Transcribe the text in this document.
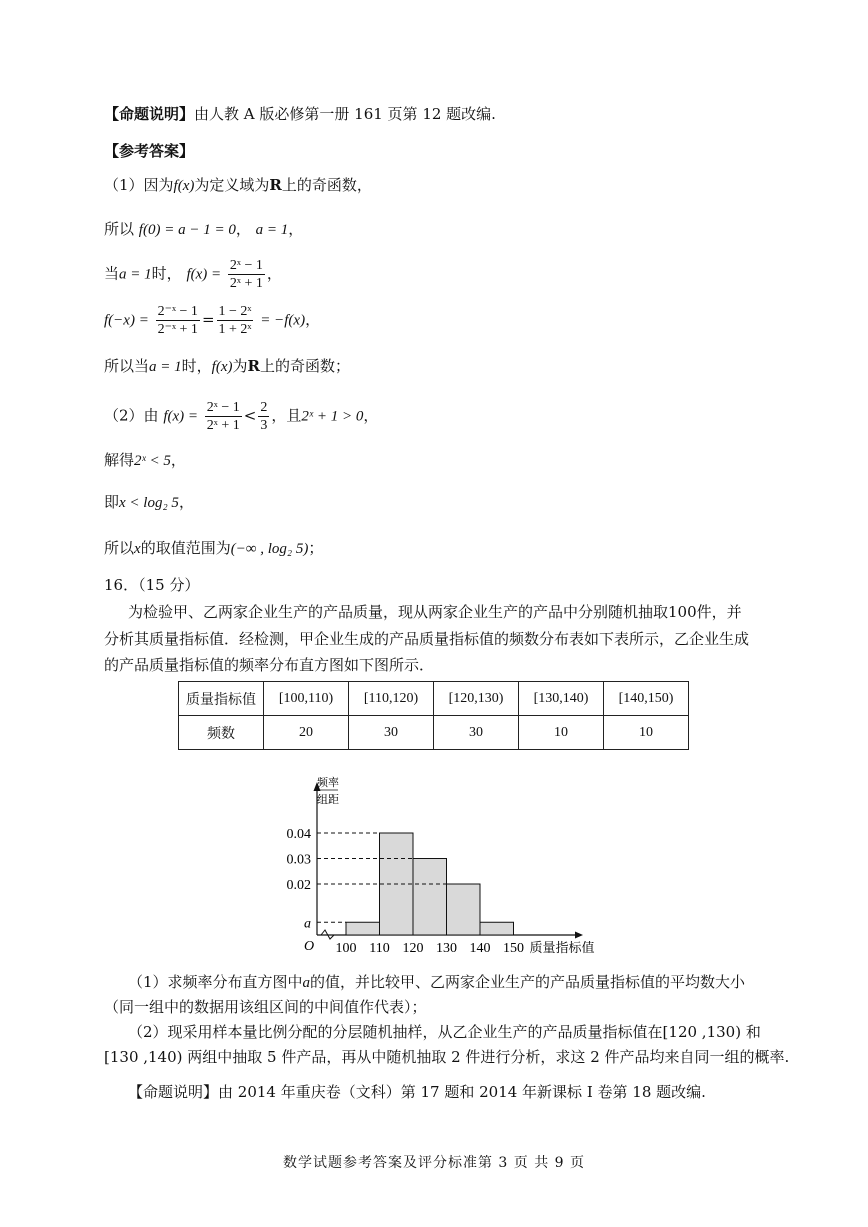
【命题说明】由人教 A 版必修第一册 161 页第 12 题改编.
【参考答案】
（1）因为f(x)为定义域为R上的奇函数，
所以 f(0) = a − 1 = 0， a = 1，
当a = 1时， $f(x) = \frac{\text{2ˣ − 1}}{\text{2ˣ + 1}}$ ，
$f(-x) = \frac{\text{2⁻ˣ − 1}}{\text{2⁻ˣ + 1}} = \frac{\text{1 − 2ˣ}}{\text{1 + 2ˣ}} = -f(x)$，
所以当a = 1时，f(x)为R上的奇函数；
（2）由 $f(x) = \frac{\text{2ˣ − 1}}{\text{2ˣ + 1}} < \frac{2}{3}$ ，且2ˣ + 1 > 0，
解得2ˣ < 5，
即x < log₂ 5，
所以x的取值范围为(−∞ , log₂ 5)；
16．（15 分）
为检验甲、乙两家企业生产的产品质量，现从两家企业生产的产品中分别随机抽取100件，并
分析其质量指标值．经检测，甲企业生成的产品质量指标值的频数分布表如下表所示，乙企业生成
的产品质量指标值的频率分布直方图如下图所示．
质量指标值	[100,110)	[110,120)	[120,130)	[130,140)	[140,150)
频数	20	30	30	10	10
频率
组距
0.04
0.03
0.02
a
100 110 120 130 140 150
O	质量指标值
（1）求频率分布直方图中a的值，并比较甲、乙两家企业生产的产品质量指标值的平均数大小
（同一组中的数据用该组区间的中间值作代表）；
（2）现采用样本量比例分配的分层随机抽样，从乙企业生产的产品质量指标值在[120 ,130) 和
[130 ,140) 两组中抽取 5 件产品，再从中随机抽取 2 件进行分析，求这 2 件产品均来自同一组的概率.
【命题说明】由 2014 年重庆卷（文科）第 17 题和 2014 年新课标 Ⅰ 卷第 18 题改编.
数学试题参考答案及评分标准第 3 页 共 9 页
